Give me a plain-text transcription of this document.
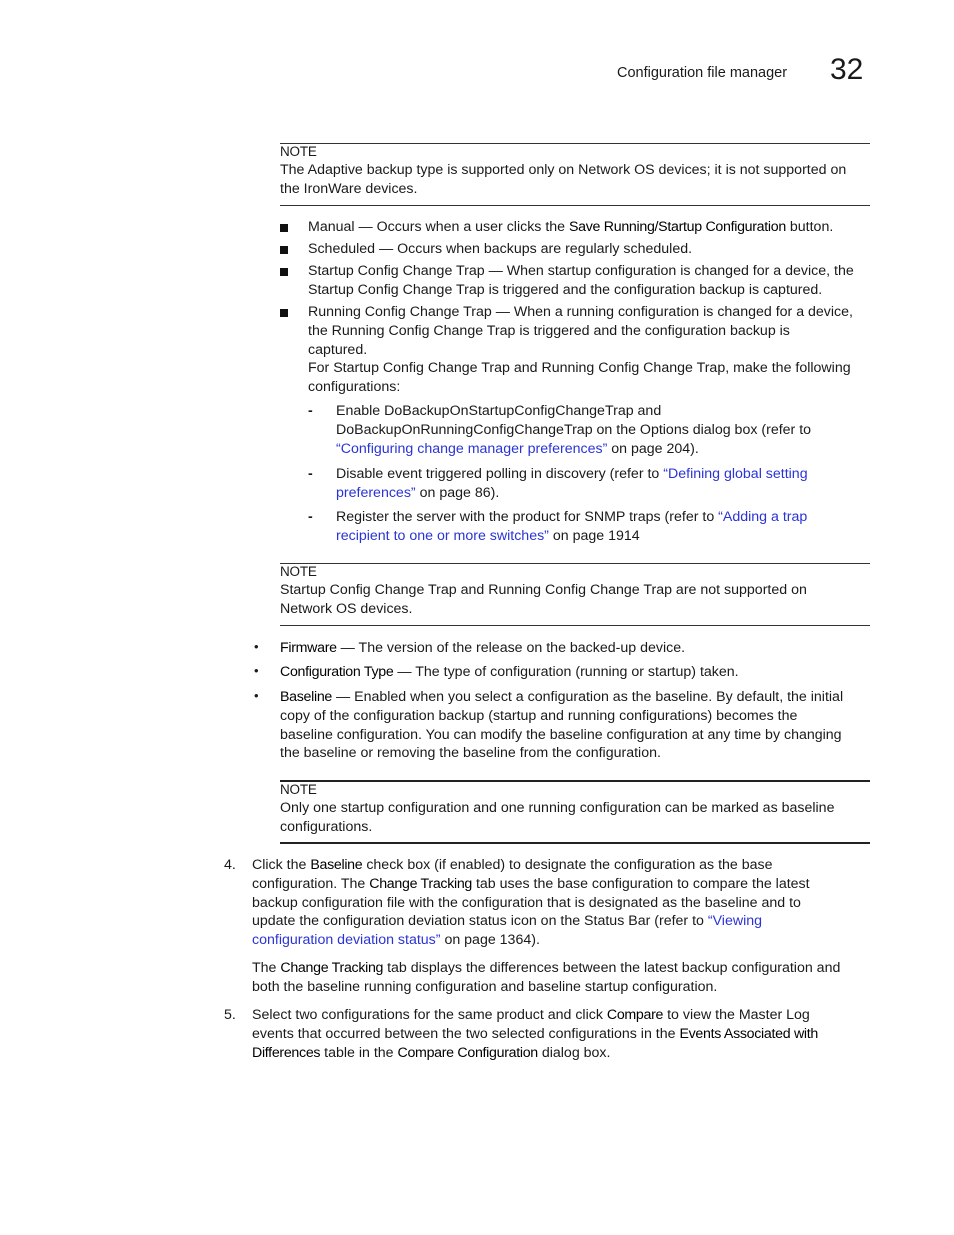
Configuration file manager 32
NOTE
The Adaptive backup type is supported only on Network OS devices; it is not supported on
the IronWare devices.
Manual — Occurs when a user clicks the Save Running/Startup Configuration button.
Scheduled — Occurs when backups are regularly scheduled.
Startup Config Change Trap — When startup configuration is changed for a device, the
Startup Config Change Trap is triggered and the configuration backup is captured.
Running Config Change Trap — When a running configuration is changed for a device,
the Running Config Change Trap is triggered and the configuration backup is
captured.
For Startup Config Change Trap and Running Config Change Trap, make the following
configurations:
- Enable DoBackupOnStartupConfigChangeTrap and
DoBackupOnRunningConfigChangeTrap on the Options dialog box (refer to
“Configuring change manager preferences” on page 204).
- Disable event triggered polling in discovery (refer to “Defining global setting
preferences” on page 86).
- Register the server with the product for SNMP traps (refer to “Adding a trap
recipient to one or more switches” on page 1914
NOTE
Startup Config Change Trap and Running Config Change Trap are not supported on
Network OS devices.
• Firmware — The version of the release on the backed-up device.
• Configuration Type — The type of configuration (running or startup) taken.
• Baseline — Enabled when you select a configuration as the baseline. By default, the initial
copy of the configuration backup (startup and running configurations) becomes the
baseline configuration. You can modify the baseline configuration at any time by changing
the baseline or removing the baseline from the configuration.
NOTE
Only one startup configuration and one running configuration can be marked as baseline
configurations.
4. Click the Baseline check box (if enabled) to designate the configuration as the base
configuration. The Change Tracking tab uses the base configuration to compare the latest
backup configuration file with the configuration that is designated as the baseline and to
update the configuration deviation status icon on the Status Bar (refer to “Viewing
configuration deviation status” on page 1364).
The Change Tracking tab displays the differences between the latest backup configuration and
both the baseline running configuration and baseline startup configuration.
5. Select two configurations for the same product and click Compare to view the Master Log
events that occurred between the two selected configurations in the Events Associated with
Differences table in the Compare Configuration dialog box.
